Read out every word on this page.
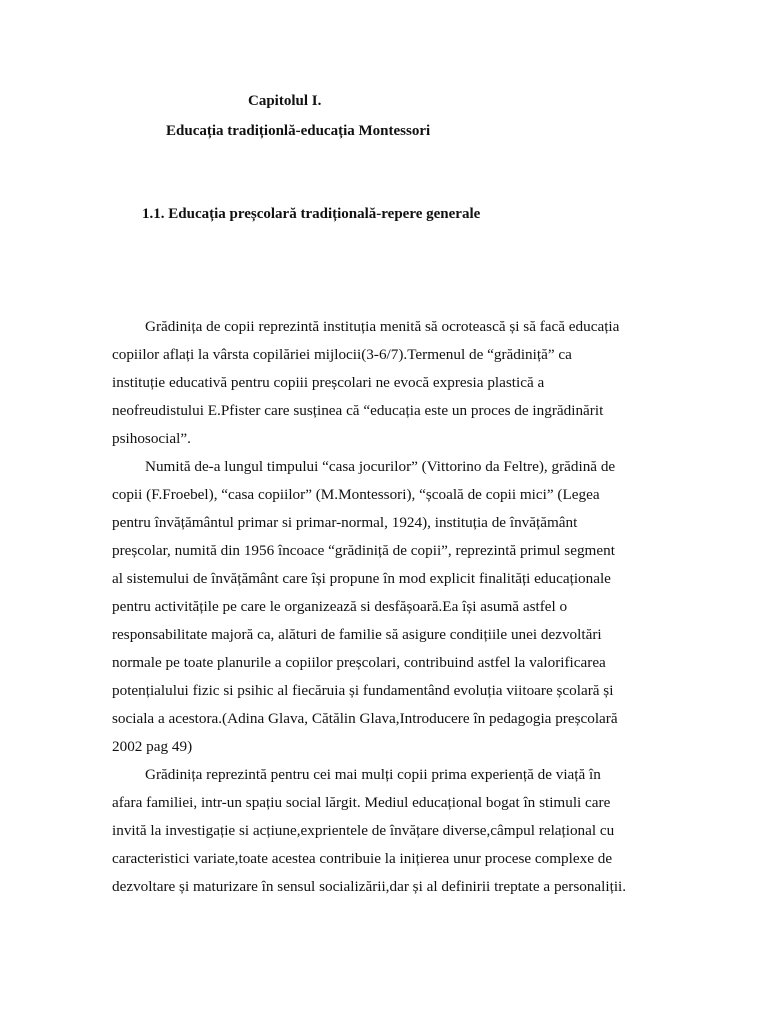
Capitolul I.
Educația tradiționlă-educația Montessori
1.1. Educația preșcolară tradițională-repere generale
Grădinița de copii reprezintă instituția menită să ocrotească și să facă educația
copiilor aflați la vârsta copilăriei mijlocii(3-6/7).Termenul de “grădiniță” ca
instituție educativă pentru copiii preșcolari ne evocă expresia plastică a
neofreudistului E.Pfister care susținea că “educația este un proces de ingrădinărit
psihosocial”.
Numită de-a lungul timpului “casa jocurilor” (Vittorino da Feltre), grădină de
copii (F.Froebel), “casa copiilor” (M.Montessori), “școală de copii mici” (Legea
pentru învățământul primar si primar-normal, 1924), instituția de învățământ
preșcolar, numită din 1956 încoace “grădiniță de copii”, reprezintă primul segment
al sistemului de învățământ care își propune în mod explicit finalități educaționale
pentru activitățile pe care le organizează si desfășoară.Ea își asumă astfel o
responsabilitate majoră ca, alături de familie să asigure condițiile unei dezvoltări
normale pe toate planurile a copiilor preșcolari, contribuind astfel la valorificarea
potențialului fizic si psihic al fiecăruia și fundamentând evoluția viitoare școlară și
sociala a acestora.(Adina Glava, Cătălin Glava,Introducere în pedagogia preșcolară
2002 pag 49)
Grădinița reprezintă pentru cei mai mulți copii prima experiență de viață în
afara familiei, intr-un spațiu social lărgit. Mediul educațional bogat în stimuli care
invită la investigație si acțiune,exprientele de învățare diverse,câmpul relațional cu
caracteristici variate,toate acestea contribuie la inițierea unur procese complexe de
dezvoltare și maturizare în sensul socializării,dar și al definirii treptate a personaliții.
